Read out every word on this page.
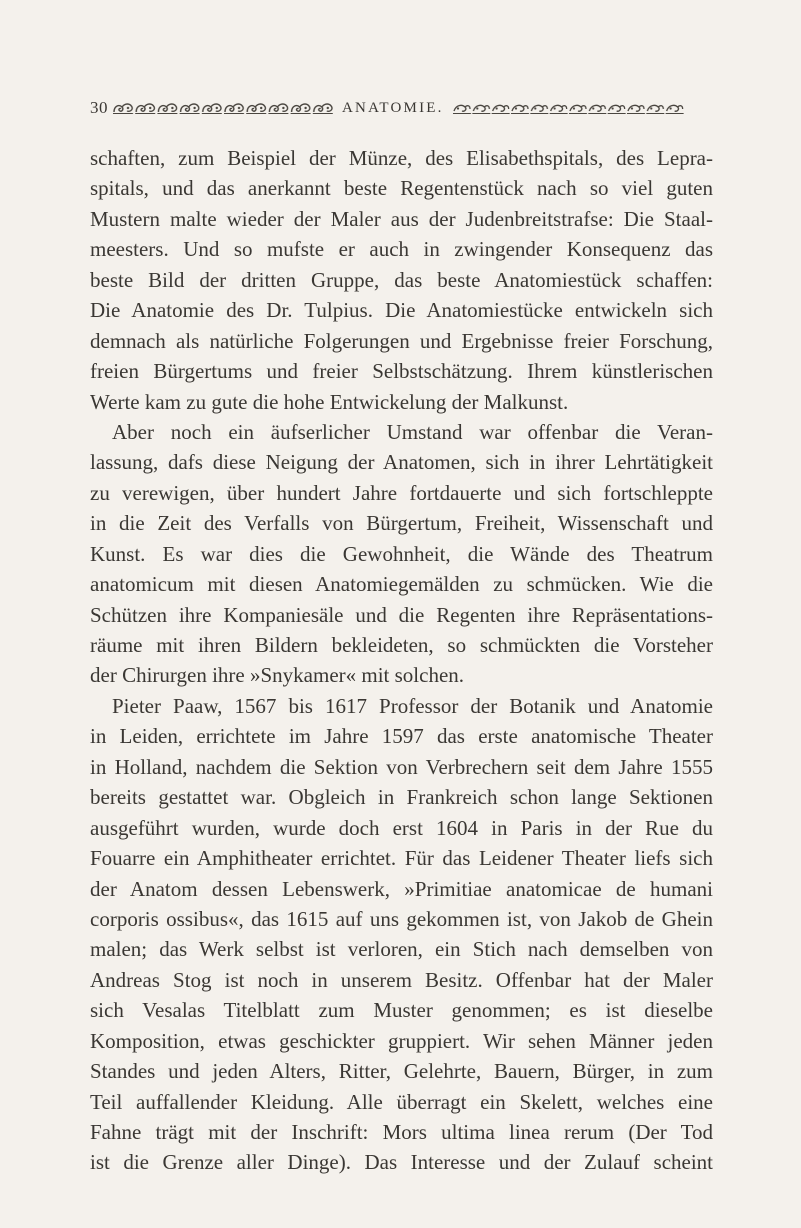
30	ANATOMIE.
schaften, zum Beispiel der Münze, des Elisabethspitals, des Lepra-
spitals, und das anerkannt beste Regentenstück nach so viel guten
Mustern malte wieder der Maler aus der Judenbreitstrafse: Die Staal-
meesters. Und so mufste er auch in zwingender Konsequenz das
beste Bild der dritten Gruppe, das beste Anatomiestück schaffen:
Die Anatomie des Dr. Tulpius. Die Anatomiestücke entwickeln sich
demnach als natürliche Folgerungen und Ergebnisse freier Forschung,
freien Bürgertums und freier Selbstschätzung. Ihrem künstlerischen
Werte kam zu gute die hohe Entwickelung der Malkunst.
Aber noch ein äufserlicher Umstand war offenbar die Veran-
lassung, dafs diese Neigung der Anatomen, sich in ihrer Lehrtätigkeit
zu verewigen, über hundert Jahre fortdauerte und sich fortschleppte
in die Zeit des Verfalls von Bürgertum, Freiheit, Wissenschaft und
Kunst. Es war dies die Gewohnheit, die Wände des Theatrum
anatomicum mit diesen Anatomiegemälden zu schmücken. Wie die
Schützen ihre Kompaniesäle und die Regenten ihre Repräsentations-
räume mit ihren Bildern bekleideten, so schmückten die Vorsteher
der Chirurgen ihre »Snykamer« mit solchen.
Pieter Paaw, 1567 bis 1617 Professor der Botanik und Anatomie
in Leiden, errichtete im Jahre 1597 das erste anatomische Theater
in Holland, nachdem die Sektion von Verbrechern seit dem Jahre 1555
bereits gestattet war. Obgleich in Frankreich schon lange Sektionen
ausgeführt wurden, wurde doch erst 1604 in Paris in der Rue du
Fouarre ein Amphitheater errichtet. Für das Leidener Theater liefs sich
der Anatom dessen Lebenswerk, »Primitiae anatomicae de humani
corporis ossibus«, das 1615 auf uns gekommen ist, von Jakob de Ghein
malen; das Werk selbst ist verloren, ein Stich nach demselben von
Andreas Stog ist noch in unserem Besitz. Offenbar hat der Maler
sich Vesalas Titelblatt zum Muster genommen; es ist dieselbe
Komposition, etwas geschickter gruppiert. Wir sehen Männer jeden
Standes und jeden Alters, Ritter, Gelehrte, Bauern, Bürger, in zum
Teil auffallender Kleidung. Alle überragt ein Skelett, welches eine
Fahne trägt mit der Inschrift: Mors ultima linea rerum (Der Tod
ist die Grenze aller Dinge). Das Interesse und der Zulauf scheint
